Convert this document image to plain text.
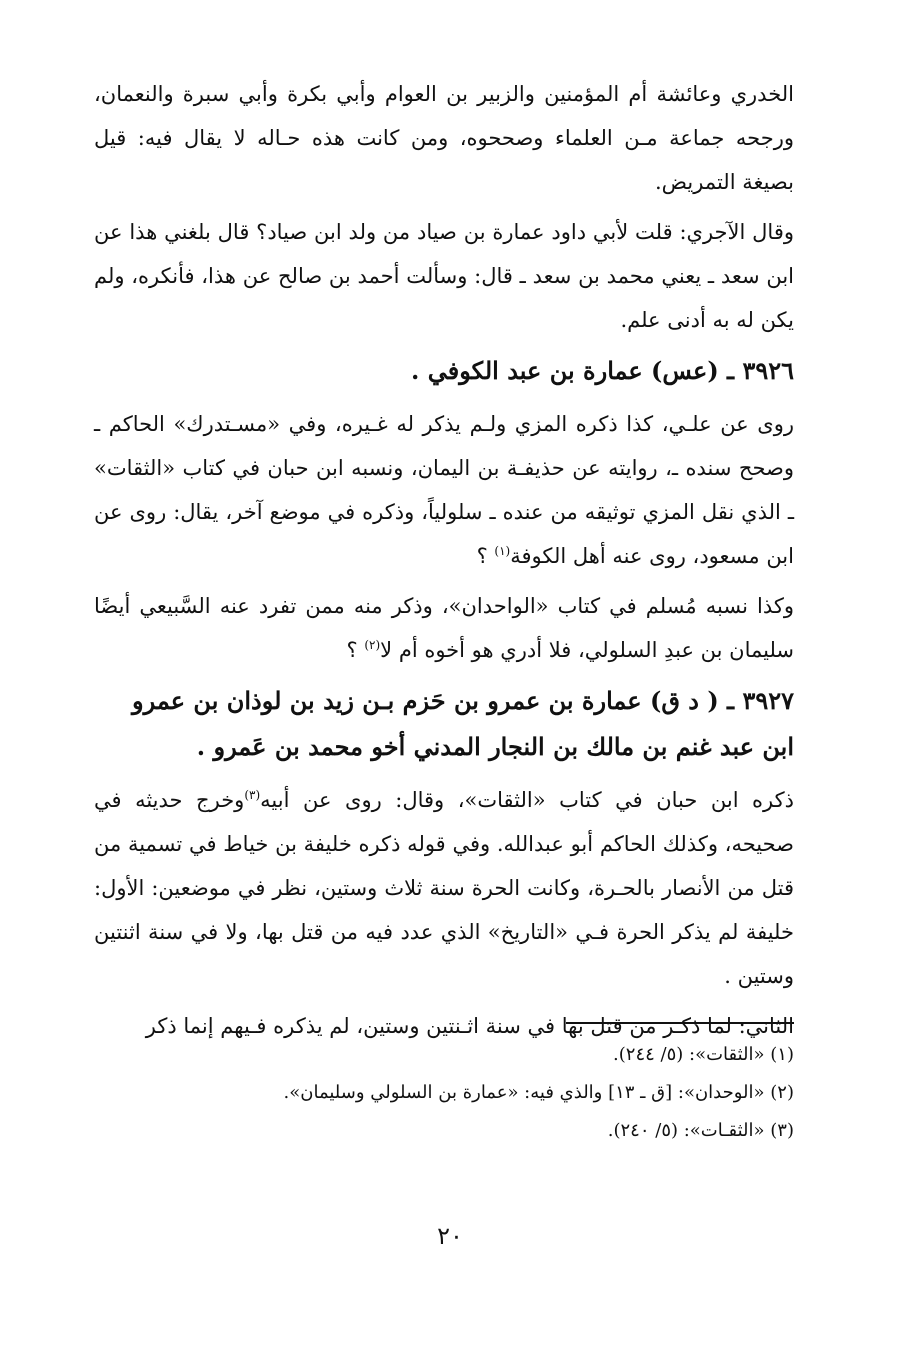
الخدري وعائشة أم المؤمنين والزبير بن العوام وأبي بكرة وأبي سبرة والنعمان، ورجحه جماعة مـن العلماء وصححوه، ومن كانت هذه حـاله لا يقال فيه: قيل بصيغة التمريض.

وقال الآجري: قلت لأبي داود عمارة بن صياد من ولد ابن صياد؟ قال بلغني هذا عن ابن سعد ـ يعني محمد بن سعد ـ قال: وسألت أحمد بن صالح عن هذا، فأنكره، ولم يكن له به أدنى علم.

٣٩٢٦ ـ (عس) عمارة بن عبد الكوفي .

روى عن علـي، كذا ذكره المزي ولـم يذكر له غـيره، وفي «مسـتدرك» الحاكم ـ وصحح سنده ـ، روايته عن حذيفـة بن اليمان، ونسبه ابن حبان في كتاب «الثقات» ـ الذي نقل المزي توثيقه من عنده ـ سلولياً، وذكره في موضع آخر، يقال: روى عن ابن مسعود، روى عنه أهل الكوفة$^{(١)}$ ؟

وكذا نسبه مُسلم في كتاب «الواحدان»، وذكر منه ممن تفرد عنه السَّبيعي أيضًا سليمان بن عبدِ السلولي، فلا أدري هو أخوه أم لا$^{(٢)}$ ؟

٣٩٢٧ ـ ( د ق) عمارة بن عمرو بن حَزم بـن زيد بن لوذان بن عمرو ابن عبد غنم بن مالك بن النجار المدني أخو محمد بن عَمرو .

ذكره ابن حبان في كتاب «الثقات»، وقال: روى عن أبيه$^{(٣)}$وخرج حديثه في صحيحه، وكذلك الحاكم أبو عبدالله. وفي قوله ذكره خليفة بن خياط في تسمية من قتل من الأنصار بالحـرة، وكانت الحرة سنة ثلاث وستين، نظر في موضعين: الأول: خليفة لم يذكر الحرة فـي «التاريخ» الذي عدد فيه من قتل بها، ولا في سنة اثنتين وستين .

الثاني: لما ذكـر من قتل بها في سنة اثـنتين وستين، لم يذكره فـيهم إنما ذكر

(١) «الثقات»: (٥/ ٢٤٤).
(٢) «الوحدان»: [ق ـ ١٣] والذي فيه: «عمارة بن السلولي وسليمان».
(٣) «الثقـات»: (٥/ ٢٤٠).
٢٠
